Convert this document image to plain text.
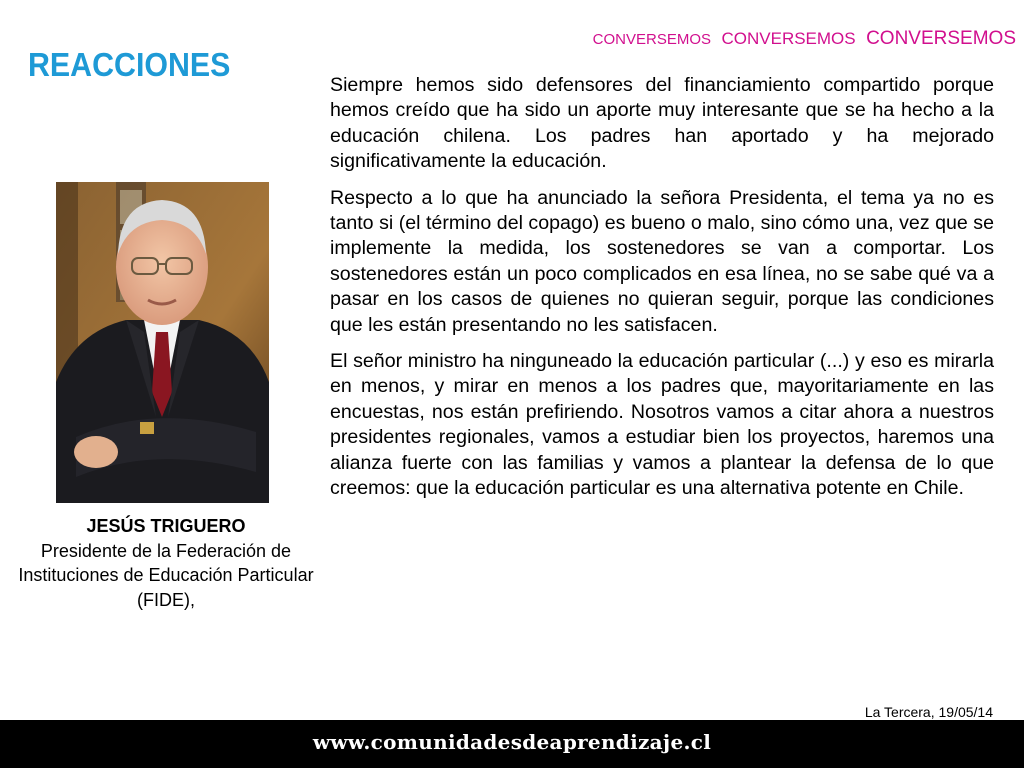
REACCIONES
CONVERSEMOS CONVERSEMOS CONVERSEMOS
JESÚS TRIGUERO
Presidente de la Federación de Instituciones de Educación Particular (FIDE),

Siempre hemos sido defensores del financiamiento compartido porque hemos creído que ha sido un aporte muy interesante que se ha hecho a la educación chilena. Los padres han aportado y ha mejorado significativamente la educación.

Respecto a lo que ha anunciado la señora Presidenta, el tema ya no es tanto si (el término del copago) es bueno o malo, sino cómo una, vez que se implemente la medida, los sostenedores se van a comportar. Los sostenedores están un poco complicados en esa línea, no se sabe qué va a pasar en los casos de quienes no quieran seguir, porque las condiciones que les están presentando no les satisfacen.

El señor ministro ha ninguneado la educación particular (...) y eso es mirarla en menos, y mirar en menos a los padres que, mayoritariamente en las encuestas, nos están prefiriendo. Nosotros vamos a citar ahora a nuestros presidentes regionales, vamos a estudiar bien los proyectos, haremos una alianza fuerte con las familias y vamos a plantear la defensa de lo que creemos: que la educación particular es una alternativa potente en Chile.

La Tercera, 19/05/14
www.comunidadesdeaprendizaje.cl
